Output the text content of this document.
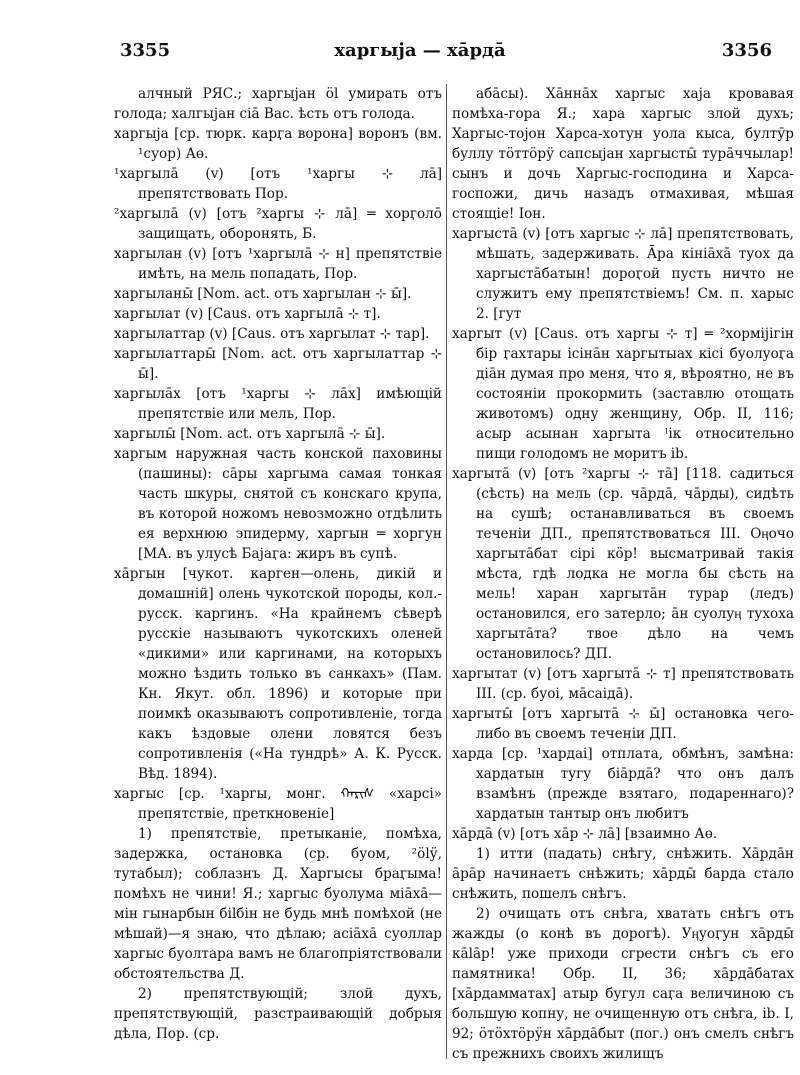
3355	харгыја — ха̄рда̄	3356

алчный РЯС.; харгыјан ӧl умирать отъ голода; халгыјан сіа̄ Вас. ѣсть отъ голода.

харгыја [ср. тюрк. карӷа ворона] воронъ (вм. ¹суор) Аө.

¹харгыла̄ (v) [отъ ¹харгы ⊹ ла̄] препятствовать Пор.

²харгыла̄ (v) [отъ ²харгы ⊹ ла̄] ═ хорӷолō защищать, оборонять, Б.

харгылан (v) [отъ ¹харгыла̄ ⊹ н] препятствіе имѣть, на мель попадать, Пор.

харгыланы̄ [Nom. act. отъ харгылан ⊹ ы̄].

харгылат (v) [Caus. отъ харгыла̄ ⊹ т].

харгылаттар (v) [Caus. отъ харгылат ⊹ тар].

харгылаттары̄ [Nom. act. отъ харгылаттар ⊹ ы̄].

харгыла̄х [отъ ¹харгы ⊹ ла̄х] имѣющій препятствіе или мель, Пор.

харгылы̄ [Nom. act. отъ харгыла̄ ⊹ ы̄].

харгым наружная часть конской паховины (пашины): сāры харгыма самая тонкая часть шкуры, снятой съ конскаго крупа, въ которой ножомъ невозможно отдѣлить ея верхнюю эпидерму, харгын ═ хоргун [МА. въ улусѣ Бајаӷа: жиръ въ супѣ.

ха̄ргын [чукот. карген—олень, дикій и домашній] олень чукотской породы, кол.-русск. каргинъ. «На крайнемъ сѣверѣ русскіе называютъ чукотскихъ оленей «дикими» или каргинами, на которыхъ можно ѣздить только въ санкахъ» (Пам. Кн. Якут. обл. 1896) и которые при поимкѣ оказываютъ сопротивленіе, тогда какъ ѣздовые олени ловятся безъ сопротивленія («На тундрѣ» А. К. Русск. Вѣд. 1894).

харгыс [ср. ¹харгы, монг. ᠬᠠᠷᠢᠰ «харсі» препятствіе, преткновеніе]

1) препятствіе, претыканіе, помѣха, задержка, остановка (ср. буом, ²ӧlӱ, тутабыл); соблазнъ Д. Харгысы браӷыма! помѣхъ не чини! Я.; харгыс буолума міа̄ха̄—мін гынарбын біlбін не будь мнѣ помѣхой (не мѣшай)—я знаю, что дѣлаю; асіа̄ха̄ суоллар харгыс буолтара вамъ не благопріятствовали обстоятельства Д.

2) препятствующій; злой духъ, препятствующій, разстраивающій добрыя дѣла, Пор. (ср.

абāсы). Ха̄нна̄х харгыс хаја кровавая помѣха-гора Я.; хара харгыс злой духъ; Харгыс-тојон Харса-хотун уола кыса, бултӯр буллу тӧттӧрӱ сапсыјан харгысты̄ тура̄ччылар! сынъ и дочь Харгыс-господина и Харса-госпожи, дичь назадъ отмахивая, мѣшая стоящіе! Іон.

харгыста̄ (v) [отъ харгыс ⊹ ла̄] препятствовать, мѣшать, задерживать. А̄ра кініа̄ха̄ туох да харгыста̄батын! дороӷой пусть ничто не служитъ ему препятствіемъ! См. п. харыс 2. [гут

харгыт (v) [Caus. отъ харгы ⊹ т] ═ ²хормiјiгiн бiр ӷахтары ісiна̄н харгытыах кiсi буолуоӷа дiа̄н думая про меня, что я, вѣроятно, не въ состояніи прокормить (заставлю отощать животомъ) одну женщину, Обр. II, 116; асыр асынан харгыта ˡiк относительно пищи голодомъ не моритъ ib.

харгыта̄ (v) [отъ ²харгы ⊹ та̄] [118. садиться (сѣсть) на мель (ср. ча̄рда̄, ча̄рды), сидѣть на сушѣ; останавливаться въ своемъ теченіи ДП., препятствоваться III. Оӊочо харгыта̄бат сірi кӧр! высматривай такія мѣста, гдѣ лодка не могла бы сѣсть на мель! харан харгыта̄н турар (ледъ) остановился, его затерло; а̄н суолуӊ тухоха харгыта̄та? твое дѣло на чемъ остановилось? ДП.

харгытат (v) [отъ харгыта̄ ⊹ т] препятствовать III. (ср. буоі, ма̄саiда̄).

харгыты̄ [отъ харгыта̄ ⊹ ы̄] остановка чего-либо въ своемъ теченіи ДП.

харда [ср. ¹хардаі] отплата, обмѣнъ, замѣна: хардатын тугу біа̄рда̄? что онъ далъ взамѣнъ (прежде взятаго, подареннаго)? хардатын тантыр онъ любитъ

ха̄рда̄ (v) [отъ ха̄р ⊹ ла̄] [взаимно Аө.

1) итти (падать) снѣгу, снѣжить. Ха̄рда̄н а̄ра̄р начинаетъ снѣжить; ха̄рды̄ барда стало снѣжить, пошелъ снѣгъ.

2) очищать отъ снѣга, хватать снѣгъ отъ жажды (о конѣ въ дорогѣ). Уӊуоӷун ха̄рды̄ ка̄lа̄р! уже приходи сгрести снѣгъ съ его памятника! Обр. II, 36; ха̄рда̄батах [ха̄рдамматах] атыр бугул саӷа величиною съ большую копну, не очищенную отъ снѣга, ib. I, 92; ӧтӧхтӧрӱн ха̄рда̄быт (пог.) онъ смелъ снѣгъ съ прежнихъ своихъ жилищъ
